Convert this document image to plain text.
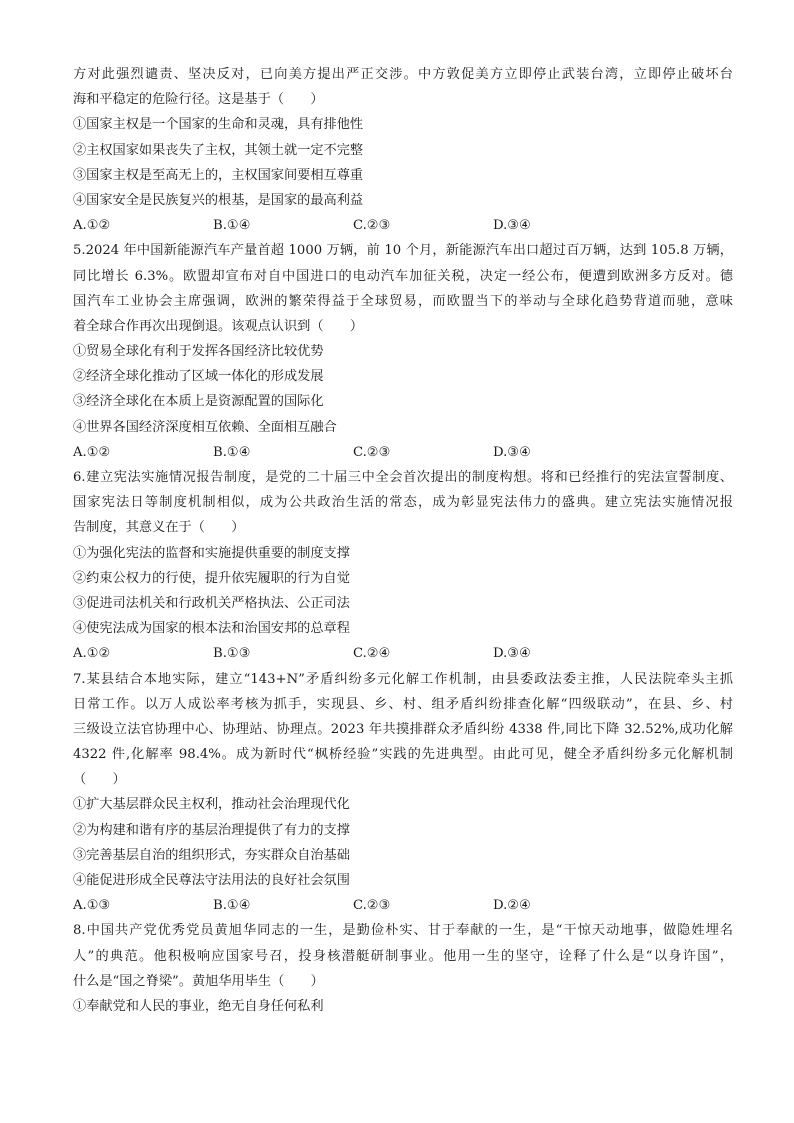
方对此强烈谴责、坚决反对，已向美方提出严正交涉。中方敦促美方立即停止武装台湾，立即停止破坏台
海和平稳定的危险行径。这是基于（　　）
①国家主权是一个国家的生命和灵魂，具有排他性
②主权国家如果丧失了主权，其领土就一定不完整
③国家主权是至高无上的，主权国家间要相互尊重
④国家安全是民族复兴的根基，是国家的最高利益
A.①②	B.①④	C.②③	D.③④
5.2024 年中国新能源汽车产量首超 1000 万辆，前 10 个月，新能源汽车出口超过百万辆，达到 105.8 万辆，
同比增长 6.3%。欧盟却宣布对自中国进口的电动汽车加征关税，决定一经公布，便遭到欧洲多方反对。德
国汽车工业协会主席强调，欧洲的繁荣得益于全球贸易，而欧盟当下的举动与全球化趋势背道而驰，意味
着全球合作再次出现倒退。该观点认识到（　　）
①贸易全球化有利于发挥各国经济比较优势
②经济全球化推动了区域一体化的形成发展
③经济全球化在本质上是资源配置的国际化
④世界各国经济深度相互依赖、全面相互融合
A.①②	B.①④	C.②③	D.③④
6.建立宪法实施情况报告制度，是党的二十届三中全会首次提出的制度构想。将和已经推行的宪法宣誓制度、
国家宪法日等制度机制相似，成为公共政治生活的常态，成为彰显宪法伟力的盛典。建立宪法实施情况报
告制度，其意义在于（　　）
①为强化宪法的监督和实施提供重要的制度支撑
②约束公权力的行使，提升依宪履职的行为自觉
③促进司法机关和行政机关严格执法、公正司法
④使宪法成为国家的根本法和治国安邦的总章程
A.①②	B.①③	C.②④	D.③④
7.某县结合本地实际，建立“143+N”矛盾纠纷多元化解工作机制，由县委政法委主推，人民法院牵头主抓
日常工作。以万人成讼率考核为抓手，实现县、乡、村、组矛盾纠纷排查化解“四级联动”，在县、乡、村
三级设立法官协理中心、协理站、协理点。2023 年共摸排群众矛盾纠纷 4338 件,同比下降 32.52%,成功化解
4322 件,化解率 98.4%。成为新时代“枫桥经验”实践的先进典型。由此可见，健全矛盾纠纷多元化解机制
（　　）
①扩大基层群众民主权利，推动社会治理现代化
②为构建和谐有序的基层治理提供了有力的支撑
③完善基层自治的组织形式，夯实群众自治基础
④能促进形成全民尊法守法用法的良好社会氛围
A.①③	B.①④	C.②③	D.②④
8.中国共产党优秀党员黄旭华同志的一生，是勤俭朴实、甘于奉献的一生，是“干惊天动地事，做隐姓埋名
人”的典范。他积极响应国家号召，投身核潜艇研制事业。他用一生的坚守，诠释了什么是“以身许国”，
什么是“国之脊梁”。黄旭华用毕生（　　）
①奉献党和人民的事业，绝无自身任何私利
